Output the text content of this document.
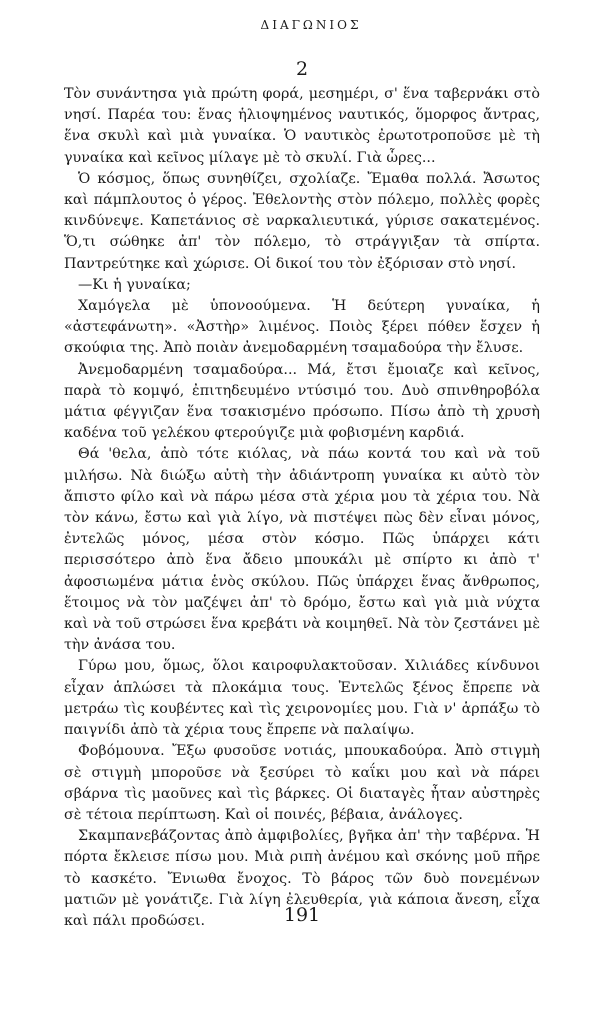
ΔΙΑΓΩΝΙΟΣ
2

Τὸν συνάντησα γιὰ πρώτη φορά, μεσημέρι, σ' ἕνα ταβερνάκι στὸ νησί. Παρέα του: ἕνας ἡλιοψημένος ναυτικός, ὅμορφος ἄντρας, ἕνα σκυλὶ καὶ μιὰ γυναίκα. Ὁ ναυτικὸς ἐρωτοτροποῦσε μὲ τὴ γυναίκα καὶ κεῖνος μίλαγε μὲ τὸ σκυλί. Γιὰ ὧρες...

Ὁ κόσμος, ὅπως συνηθίζει, σχολίαζε. Ἔμαθα πολλά. Ἄσωτος καὶ πάμπλουτος ὁ γέρος. Ἐθελοντὴς στὸν πόλεμο, πολλὲς φορὲς κινδύνεψε. Καπετάνιος σὲ ναρκαλιευτικά, γύρισε σακατεμένος. Ὅ,τι σώθηκε ἀπ' τὸν πόλεμο, τὸ στράγγιξαν τὰ σπίρτα. Παντρεύτηκε καὶ χώρισε. Οἱ δικοί του τὸν ἐξόρισαν στὸ νησί.

—Κι ἡ γυναίκα;

Χαμόγελα μὲ ὑπονοούμενα. Ἡ δεύτερη γυναίκα, ἡ «ἀστεφάνωτη». «Ἀστὴρ» λιμένος. Ποιὸς ξέρει πόθεν ἔσχεν ἡ σκούφια της. Ἀπὸ ποιὰν ἀνεμοδαρμένη τσαμαδούρα τὴν ἔλυσε.

Ἀνεμοδαρμένη τσαμαδούρα... Μά, ἔτσι ἔμοιαζε καὶ κεῖνος, παρὰ τὸ κομψό, ἐπιτηδευμένο ντύσιμό του. Δυὸ σπινθηροβόλα μάτια φέγγιζαν ἕνα τσακισμένο πρόσωπο. Πίσω ἀπὸ τὴ χρυσὴ καδένα τοῦ γελέκου φτερούγιζε μιὰ φοβισμένη καρδιά.

Θά 'θελα, ἀπὸ τότε κιόλας, νὰ πάω κοντά του καὶ νὰ τοῦ μιλήσω. Νὰ διώξω αὐτὴ τὴν ἀδιάντροπη γυναίκα κι αὐτὸ τὸν ἄπιστο φίλο καὶ νὰ πάρω μέσα στὰ χέρια μου τὰ χέρια του. Νὰ τὸν κάνω, ἔστω καὶ γιὰ λίγο, νὰ πιστέψει πὼς δὲν εἶναι μόνος, ἐντελῶς μόνος, μέσα στὸν κόσμο. Πῶς ὑπάρχει κάτι περισσότερο ἀπὸ ἕνα ἄδειο μπουκάλι μὲ σπίρτο κι ἀπὸ τ' ἀφοσιωμένα μάτια ἑνὸς σκύλου. Πῶς ὑπάρχει ἕνας ἄνθρωπος, ἕτοιμος νὰ τὸν μαζέψει ἀπ' τὸ δρόμο, ἔστω καὶ γιὰ μιὰ νύχτα καὶ νὰ τοῦ στρώσει ἕνα κρεβάτι νὰ κοιμηθεῖ. Νὰ τὸν ζεστάνει μὲ τὴν ἀνάσα του.

Γύρω μου, ὅμως, ὅλοι καιροφυλακτοῦσαν. Χιλιάδες κίνδυνοι εἶχαν ἁπλώσει τὰ πλοκάμια τους. Ἐντελῶς ξένος ἔπρεπε νὰ μετράω τὶς κουβέντες καὶ τὶς χειρονομίες μου. Γιὰ ν' ἁρπάξω τὸ παιγνίδι ἀπὸ τὰ χέρια τους ἔπρεπε νὰ παλαίψω.

Φοβόμουνα. Ἔξω φυσοῦσε νοτιάς, μπουκαδούρα. Ἀπὸ στιγμὴ σὲ στιγμὴ μποροῦσε νὰ ξεσύρει τὸ καΐκι μου καὶ νὰ πάρει σβάρνα τὶς μαοῦνες καὶ τὶς βάρκες. Οἱ διαταγὲς ἦταν αὐστηρὲς σὲ τέτοια περίπτωση. Καὶ οἱ ποινές, βέβαια, ἀνάλογες.

Σκαμπανεβάζοντας ἀπὸ ἀμφιβολίες, βγῆκα ἀπ' τὴν ταβέρνα. Ἡ πόρτα ἔκλεισε πίσω μου. Μιὰ ριπὴ ἀνέμου καὶ σκόνης μοῦ πῆρε τὸ κασκέτο. Ἔνιωθα ἔνοχος. Τὸ βάρος τῶν δυὸ πονεμένων ματιῶν μὲ γονάτιζε. Γιὰ λίγη ἐλευθερία, γιὰ κάποια ἄνεση, εἶχα καὶ πάλι προδώσει.	191
